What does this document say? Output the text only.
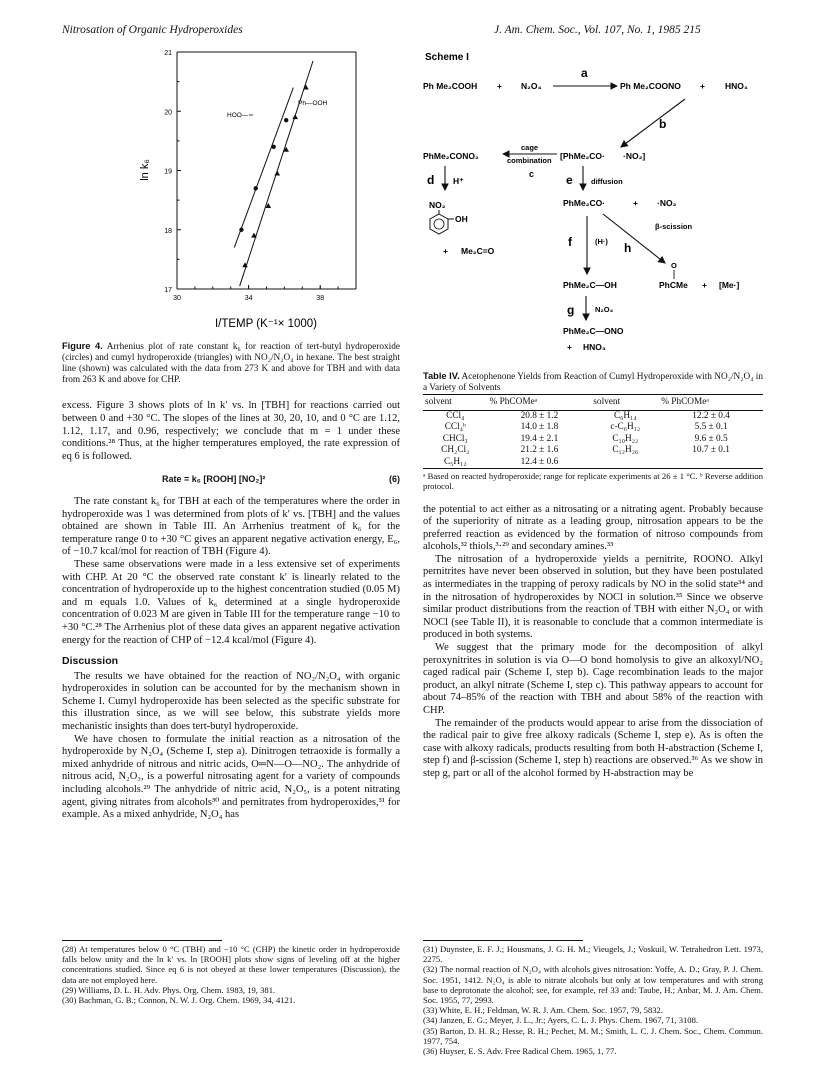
Nitrosation of Organic Hydroperoxides	J. Am. Chem. Soc., Vol. 107, No. 1, 1985 215
ln k₆
I/TEMP (K⁻¹× 1000)
17
18
19
20
21
30	34	38
HOO—
Ph—OOH

Figure 4. Arrhenius plot of rate constant k₆ for reaction of tert-butyl hydroperoxide (circles) and cumyl hydroperoxide (triangles) with NO₂/N₂O₄ in hexane. The best straight line (shown) was calculated with the data from 273 K and above for TBH and with data from 263 K and above for CHP.

excess. Figure 3 shows plots of ln k′ vs. ln [TBH] for reactions carried out between 0 and +30 °C. The slopes of the lines at 30, 20, 10, and 0 °C are 1.12, 1.12, 1.17, and 0.96, respectively; we conclude that m = 1 under these conditions.²⁸ Thus, at the higher temperatures employed, the rate expression of eq 6 is followed.

Rate = k₆ [ROOH] [NO₂]²	(6)

The rate constant k₆ for TBH at each of the temperatures where the order in hydroperoxide was 1 was determined from plots of k′ vs. [TBH] and the values obtained are shown in Table III. An Arrhenius treatment of k₆ for the temperature range 0 to +30 °C gives an apparent negative activation energy, E₆, of −10.7 kcal/mol for reaction of TBH (Figure 4).

These same observations were made in a less extensive set of experiments with CHP. At 20 °C the observed rate constant k′ is linearly related to the concentration of hydroperoxide up to the highest concentration studied (0.05 M) and m equals 1.0. Values of k₆ determined at a single hydroperoxide concentration of 0.023 M are given in Table III for the temperature range −10 to +30 °C.²⁸ The Arrhenius plot of these data gives an apparent negative activation energy for the reaction of CHP of −12.4 kcal/mol (Figure 4).

Discussion

The results we have obtained for the reaction of NO₂/N₂O₄ with organic hydroperoxides in solution can be accounted for by the mechanism shown in Scheme I. Cumyl hydroperoxide has been selected as the specific substrate for this illustration since, as we will see below, this substrate yields more mechanistic insights than does tert-butyl hydroperoxide.

We have chosen to formulate the initial reaction as a nitrosation of the hydroperoxide by N₂O₄ (Scheme I, step a). Dinitrogen tetraoxide is formally a mixed anhydride of nitrous and nitric acids, O═N—O—NO₂. The anhydride of nitrous acid, N₂O₃, is a powerful nitrosating agent for a variety of compounds including alcohols.²⁹ The anhydride of nitric acid, N₂O₅, is a potent nitrating agent, giving nitrates from alcohols³⁰ and pernitrates from hydroperoxides,³¹ for example. As a mixed anhydride, N₂O₄ has

(28) At temperatures below 0 °C (TBH) and −10 °C (CHP) the kinetic order in hydroperoxide falls below unity and the ln k′ vs. ln [ROOH] plots show signs of leveling off at the higher concentrations studied. Since eq 6 is not obeyed at these lower temperatures (Discussion), the data are not employed here.

(29) Williams, D. L. H. Adv. Phys. Org. Chem. 1983, 19, 381.

(30) Bachman, G. B.; Connon, N. W. J. Org. Chem. 1969, 34, 4121.

Scheme I
Ph Me₂COOH + N₂O₄
a
Ph Me₂COONO + HNO₃
b
PhMe₂CONO₂
cage
combination
c
[PhMe₂CO· ·NO₂]
d H⁺	e diffusion
PhMe₂CO·	+ ·NO₂
NO₂
OH
+ Me₂C=O
f	(H·)
β-scission
h
PhMe₂C—OH
O
PhCMe + [Me·]
g	N₂O₄
PhMe₂C—ONO
+ HNO₃

Table IV. Acetophenone Yields from Reaction of Cumyl Hydroperoxide with NO₂/N₂O₄ in a Variety of Solvents

solvent	% PhCOMeᵃ	solvent	% PhCOMeᵃ
CCl₄	20.8 ± 1.2	C₆H₁₄	12.2 ± 0.4
CCl₄ᵇ	14.0 ± 1.8	c-C₆H₁₂	5.5 ± 0.1
CHCl₃	19.4 ± 2.1	C₁₀H₂₂	9.6 ± 0.5
CH₂Cl₂	21.2 ± 1.6	C₁₂H₂₆	10.7 ± 0.1
C₅H₁₂	12.4 ± 0.6		

ᵃ Based on reacted hydroperoxide; range for replicate experiments at 26 ± 1 °C. ᵇ Reverse addition protocol.

the potential to act either as a nitrosating or a nitrating agent. Probably because of the superiority of nitrate as a leading group, nitrosation appears to be the preferred reaction as evidenced by the formation of nitroso compounds from alcohols,³² thiols,³·²⁹ and secondary amines.³³

The nitrosation of a hydroperoxide yields a pernitrite, ROONO. Alkyl pernitrites have never been observed in solution, but they have been postulated as intermediates in the trapping of peroxy radicals by NO in the solid state³⁴ and in the nitrosation of hydroperoxides by NOCl in solution.³⁵ Since we observe similar product distributions from the reaction of TBH with either N₂O₄ or with NOCl (see Table II), it is reasonable to conclude that a common intermediate is produced in both systems.

We suggest that the primary mode for the decomposition of alkyl peroxynitrites in solution is via O—O bond homolysis to give an alkoxyl/NO₂ caged radical pair (Scheme I, step b). Cage recombination leads to the major product, an alkyl nitrate (Scheme I, step c). This pathway appears to account for about 74–85% of the reaction with TBH and about 58% of the reaction with CHP.

The remainder of the products would appear to arise from the dissociation of the radical pair to give free alkoxy radicals (Scheme I, step e). As is often the case with alkoxy radicals, products resulting from both H-abstraction (Scheme I, step f) and β-scission (Scheme I, step h) reactions are observed.³⁶ As we show in step g, part or all of the alcohol formed by H-abstraction may be

(31) Duynstee, E. F. J.; Housmans, J. G. H. M.; Vieugels, J.; Voskuil, W. Tetrahedron Lett. 1973, 2275.

(32) The normal reaction of N₂O₄ with alcohols gives nitrosation: Yoffe, A. D.; Gray, P. J. Chem. Soc. 1951, 1412. N₂O₄ is able to nitrate alcohols but only at low temperatures and with strong base to deprotonate the alcohol; see, for example, ref 33 and: Taube, H.; Anbar, M. J. Am. Chem. Soc. 1955, 77, 2993.

(33) White, E. H.; Feldman, W. R. J. Am. Chem. Soc. 1957, 79, 5832.

(34) Janzen, E. G.; Meyer, J. L., Jr.; Ayers, C. L. J. Phys. Chem. 1967, 71, 3108.

(35) Barton, D. H. R.; Hesse, R. H.; Pechet, M. M.; Smith, L. C. J. Chem. Soc., Chem. Commun. 1977, 754.

(36) Huyser, E. S. Adv. Free Radical Chem. 1965, 1, 77.
